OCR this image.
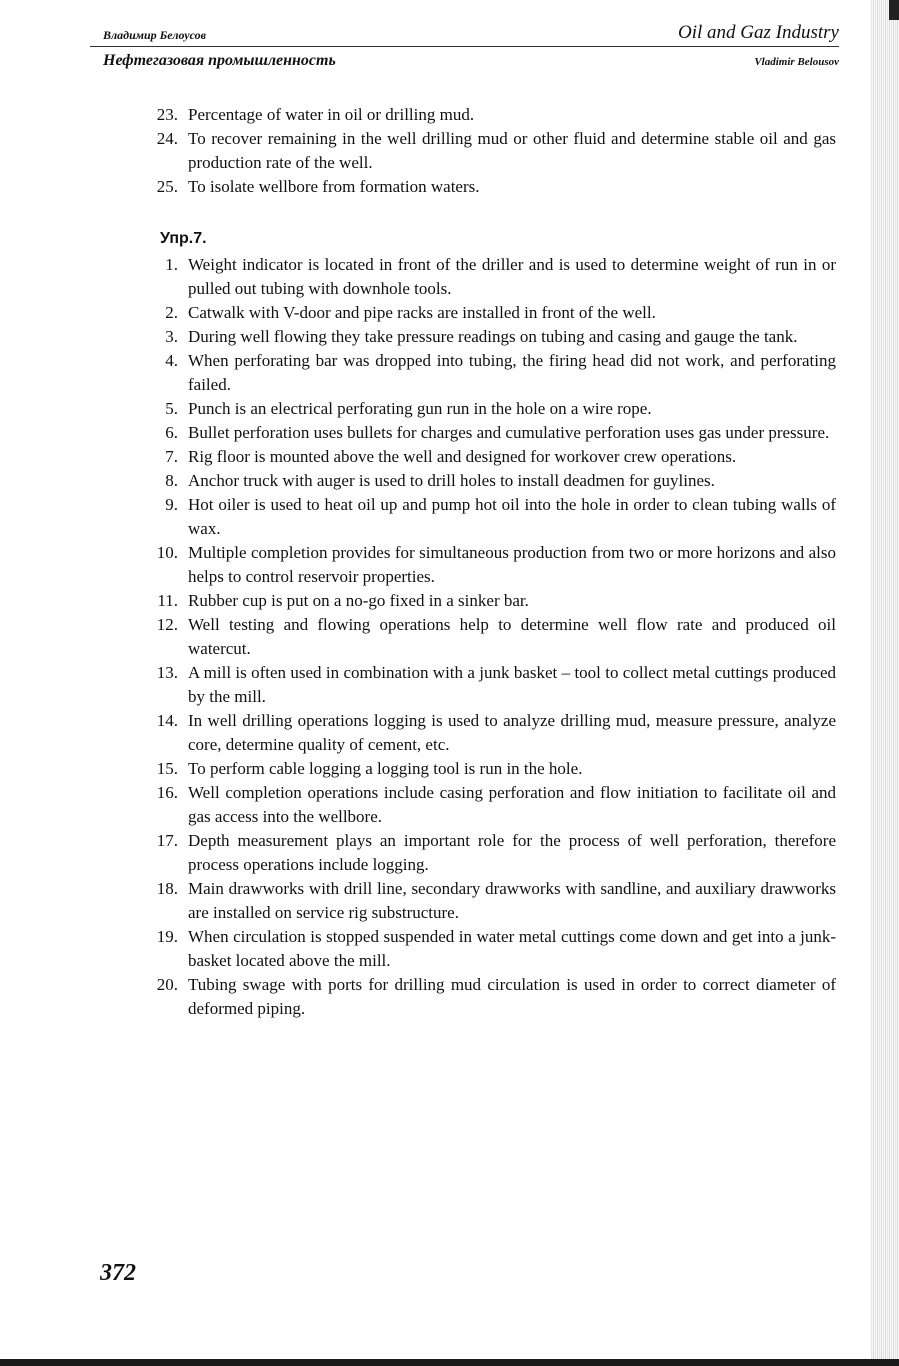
Владимир Белоусов	Oil and Gaz Industry
Нефтегазовая промышленность	Vladimir Belousov
23. Percentage of water in oil or drilling mud.
24. To recover remaining in the well drilling mud or other fluid and determine stable oil and gas production rate of the well.
25. To isolate wellbore from formation waters.
Упр.7.
1. Weight indicator is located in front of the driller and is used to determine weight of run in or pulled out tubing with downhole tools.
2. Catwalk with V-door and pipe racks are installed in front of the well.
3. During well flowing they take pressure readings on tubing and casing and gauge the tank.
4. When perforating bar was dropped into tubing, the firing head did not work, and perforating failed.
5. Punch is an electrical perforating gun run in the hole on a wire rope.
6. Bullet perforation uses bullets for charges and cumulative perforation uses gas under pressure.
7. Rig floor is mounted above the well and designed for workover crew operations.
8. Anchor truck with auger is used to drill holes to install deadmen for guylines.
9. Hot oiler is used to heat oil up and pump hot oil into the hole in order to clean tubing walls of wax.
10. Multiple completion provides for simultaneous production from two or more horizons and also helps to control reservoir properties.
11. Rubber cup is put on a no-go fixed in a sinker bar.
12. Well testing and flowing operations help to determine well flow rate and produced oil watercut.
13. A mill is often used in combination with a junk basket – tool to collect metal cuttings produced by the mill.
14. In well drilling operations logging is used to analyze drilling mud, measure pressure, analyze core, determine quality of cement, etc.
15. To perform cable logging a logging tool is run in the hole.
16. Well completion operations include casing perforation and flow initiation to facilitate oil and gas access into the wellbore.
17. Depth measurement plays an important role for the process of well perforation, therefore process operations include logging.
18. Main drawworks with drill line, secondary drawworks with sandline, and auxiliary drawworks are installed on service rig substructure.
19. When circulation is stopped suspended in water metal cuttings come down and get into a junk-basket located above the mill.
20. Tubing swage with ports for drilling mud circulation is used in order to correct diameter of deformed piping.
372
